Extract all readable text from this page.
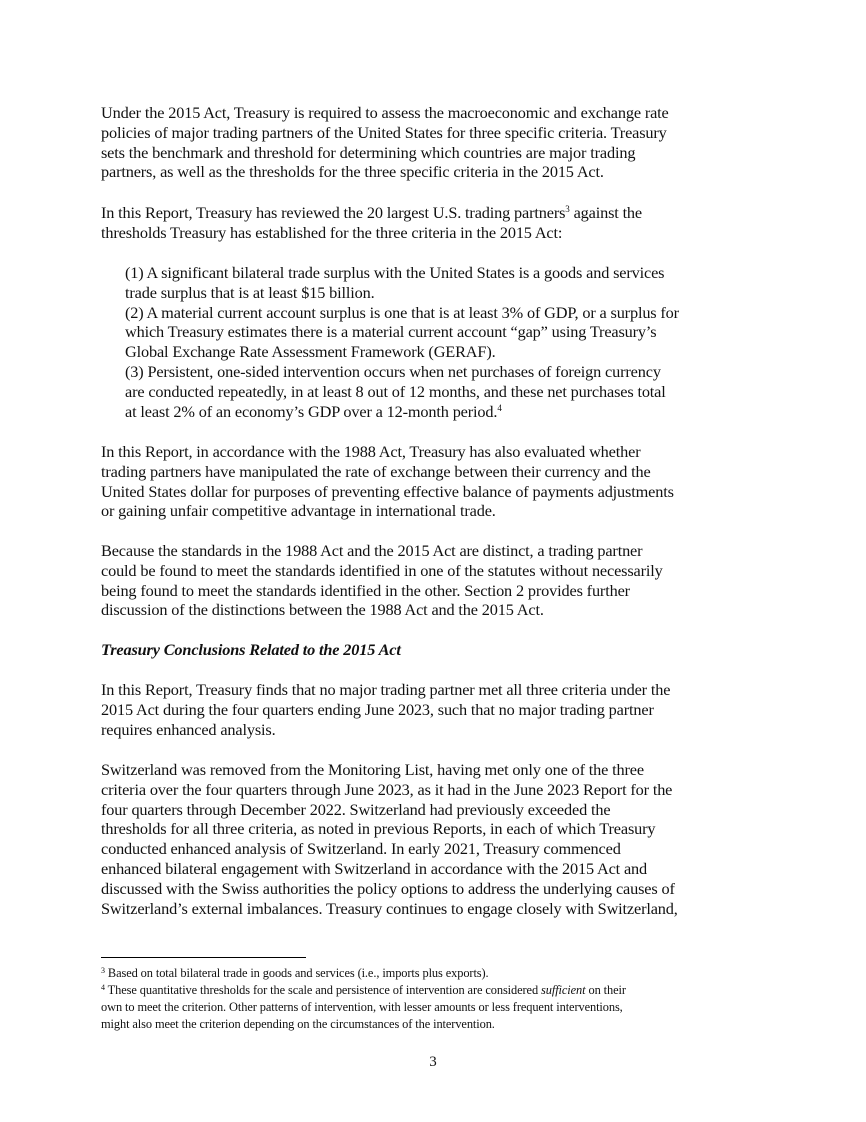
Under the 2015 Act, Treasury is required to assess the macroeconomic and exchange rate
policies of major trading partners of the United States for three specific criteria. Treasury
sets the benchmark and threshold for determining which countries are major trading
partners, as well as the thresholds for the three specific criteria in the 2015 Act.
In this Report, Treasury has reviewed the 20 largest U.S. trading partners$^3$ against the
thresholds Treasury has established for the three criteria in the 2015 Act:
(1) A significant bilateral trade surplus with the United States is a goods and services
trade surplus that is at least $15 billion.
(2) A material current account surplus is one that is at least 3% of GDP, or a surplus for
which Treasury estimates there is a material current account “gap” using Treasury’s
Global Exchange Rate Assessment Framework (GERAF).
(3) Persistent, one-sided intervention occurs when net purchases of foreign currency
are conducted repeatedly, in at least 8 out of 12 months, and these net purchases total
at least 2% of an economy’s GDP over a 12-month period.$^4$
In this Report, in accordance with the 1988 Act, Treasury has also evaluated whether
trading partners have manipulated the rate of exchange between their currency and the
United States dollar for purposes of preventing effective balance of payments adjustments
or gaining unfair competitive advantage in international trade.
Because the standards in the 1988 Act and the 2015 Act are distinct, a trading partner
could be found to meet the standards identified in one of the statutes without necessarily
being found to meet the standards identified in the other. Section 2 provides further
discussion of the distinctions between the 1988 Act and the 2015 Act.
Treasury Conclusions Related to the 2015 Act
In this Report, Treasury finds that no major trading partner met all three criteria under the
2015 Act during the four quarters ending June 2023, such that no major trading partner
requires enhanced analysis.
Switzerland was removed from the Monitoring List, having met only one of the three
criteria over the four quarters through June 2023, as it had in the June 2023 Report for the
four quarters through December 2022. Switzerland had previously exceeded the
thresholds for all three criteria, as noted in previous Reports, in each of which Treasury
conducted enhanced analysis of Switzerland. In early 2021, Treasury commenced
enhanced bilateral engagement with Switzerland in accordance with the 2015 Act and
discussed with the Swiss authorities the policy options to address the underlying causes of
Switzerland’s external imbalances. Treasury continues to engage closely with Switzerland,
$^3$ Based on total bilateral trade in goods and services (i.e., imports plus exports).
$^4$ These quantitative thresholds for the scale and persistence of intervention are considered sufficient on their
own to meet the criterion. Other patterns of intervention, with lesser amounts or less frequent interventions,
might also meet the criterion depending on the circumstances of the intervention.
3
